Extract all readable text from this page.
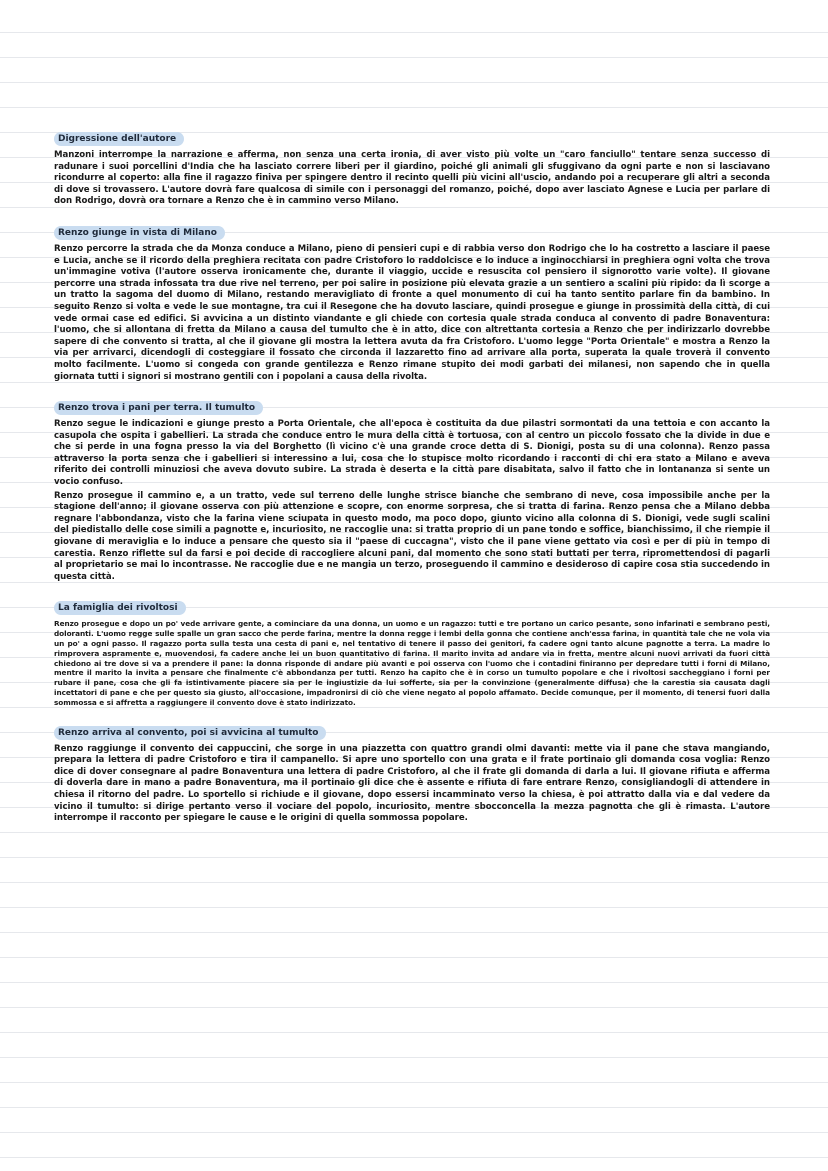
Digressione dell'autore

Manzoni interrompe la narrazione e afferma, non senza una certa ironia, di aver visto più volte un "caro fanciullo" tentare senza successo di radunare i suoi porcellini d'India che ha lasciato correre liberi per il giardino, poiché gli animali gli sfuggivano da ogni parte e non si lasciavano ricondurre al coperto: alla fine il ragazzo finiva per spingere dentro il recinto quelli più vicini all'uscio, andando poi a recuperare gli altri a seconda di dove si trovassero. L'autore dovrà fare qualcosa di simile con i personaggi del romanzo, poiché, dopo aver lasciato Agnese e Lucia per parlare di don Rodrigo, dovrà ora tornare a Renzo che è in cammino verso Milano.

Renzo giunge in vista di Milano

Renzo percorre la strada che da Monza conduce a Milano, pieno di pensieri cupi e di rabbia verso don Rodrigo che lo ha costretto a lasciare il paese e Lucia, anche se il ricordo della preghiera recitata con padre Cristoforo lo raddolcisce e lo induce a inginocchiarsi in preghiera ogni volta che trova un'immagine votiva (l'autore osserva ironicamente che, durante il viaggio, uccide e resuscita col pensiero il signorotto varie volte). Il giovane percorre una strada infossata tra due rive nel terreno, per poi salire in posizione più elevata grazie a un sentiero a scalini più ripido: da lì scorge a un tratto la sagoma del duomo di Milano, restando meravigliato di fronte a quel monumento di cui ha tanto sentito parlare fin da bambino. In seguito Renzo si volta e vede le sue montagne, tra cui il Resegone che ha dovuto lasciare, quindi prosegue e giunge in prossimità della città, di cui vede ormai case ed edifici. Si avvicina a un distinto viandante e gli chiede con cortesia quale strada conduca al convento di padre Bonaventura: l'uomo, che si allontana di fretta da Milano a causa del tumulto che è in atto, dice con altrettanta cortesia a Renzo che per indirizzarlo dovrebbe sapere di che convento si tratta, al che il giovane gli mostra la lettera avuta da fra Cristoforo. L'uomo legge "Porta Orientale" e mostra a Renzo la via per arrivarci, dicendogli di costeggiare il fossato che circonda il lazzaretto fino ad arrivare alla porta, superata la quale troverà il convento molto facilmente. L'uomo si congeda con grande gentilezza e Renzo rimane stupito dei modi garbati dei milanesi, non sapendo che in quella giornata tutti i signori si mostrano gentili con i popolani a causa della rivolta.

Renzo trova i pani per terra. Il tumulto

Renzo segue le indicazioni e giunge presto a Porta Orientale, che all'epoca è costituita da due pilastri sormontati da una tettoia e con accanto la casupola che ospita i gabellieri. La strada che conduce entro le mura della città è tortuosa, con al centro un piccolo fossato che la divide in due e che si perde in una fogna presso la via del Borghetto (lì vicino c'è una grande croce detta di S. Dionigi, posta su di una colonna). Renzo passa attraverso la porta senza che i gabellieri si interessino a lui, cosa che lo stupisce molto ricordando i racconti di chi era stato a Milano e aveva riferito dei controlli minuziosi che aveva dovuto subire. La strada è deserta e la città pare disabitata, salvo il fatto che in lontananza si sente un vocio confuso.

Renzo prosegue il cammino e, a un tratto, vede sul terreno delle lunghe strisce bianche che sembrano di neve, cosa impossibile anche per la stagione dell'anno; il giovane osserva con più attenzione e scopre, con enorme sorpresa, che si tratta di farina. Renzo pensa che a Milano debba regnare l'abbondanza, visto che la farina viene sciupata in questo modo, ma poco dopo, giunto vicino alla colonna di S. Dionigi, vede sugli scalini del piedistallo delle cose simili a pagnotte e, incuriosito, ne raccoglie una: si tratta proprio di un pane tondo e soffice, bianchissimo, il che riempie il giovane di meraviglia e lo induce a pensare che questo sia il "paese di cuccagna", visto che il pane viene gettato via così e per di più in tempo di carestia. Renzo riflette sul da farsi e poi decide di raccogliere alcuni pani, dal momento che sono stati buttati per terra, ripromettendosi di pagarli al proprietario se mai lo incontrasse. Ne raccoglie due e ne mangia un terzo, proseguendo il cammino e desideroso di capire cosa stia succedendo in questa città.

La famiglia dei rivoltosi

Renzo prosegue e dopo un po' vede arrivare gente, a cominciare da una donna, un uomo e un ragazzo: tutti e tre portano un carico pesante, sono infarinati e sembrano pesti, doloranti. L'uomo regge sulle spalle un gran sacco che perde farina, mentre la donna regge i lembi della gonna che contiene anch'essa farina, in quantità tale che ne vola via un po' a ogni passo. Il ragazzo porta sulla testa una cesta di pani e, nel tentativo di tenere il passo dei genitori, fa cadere ogni tanto alcune pagnotte a terra. La madre lo rimprovera aspramente e, muovendosi, fa cadere anche lei un buon quantitativo di farina. Il marito invita ad andare via in fretta, mentre alcuni nuovi arrivati da fuori città chiedono ai tre dove si va a prendere il pane: la donna risponde di andare più avanti e poi osserva con l'uomo che i contadini finiranno per depredare tutti i forni di Milano, mentre il marito la invita a pensare che finalmente c'è abbondanza per tutti. Renzo ha capito che è in corso un tumulto popolare e che i rivoltosi saccheggiano i forni per rubare il pane, cosa che gli fa istintivamente piacere sia per le ingiustizie da lui sofferte, sia per la convinzione (generalmente diffusa) che la carestia sia causata dagli incettatori di pane e che per questo sia giusto, all'occasione, impadronirsi di ciò che viene negato al popolo affamato. Decide comunque, per il momento, di tenersi fuori dalla sommossa e si affretta a raggiungere il convento dove è stato indirizzato.

Renzo arriva al convento, poi si avvicina al tumulto

Renzo raggiunge il convento dei cappuccini, che sorge in una piazzetta con quattro grandi olmi davanti: mette via il pane che stava mangiando, prepara la lettera di padre Cristoforo e tira il campanello. Si apre uno sportello con una grata e il frate portinaio gli domanda cosa voglia: Renzo dice di dover consegnare al padre Bonaventura una lettera di padre Cristoforo, al che il frate gli domanda di darla a lui. Il giovane rifiuta e afferma di doverla dare in mano a padre Bonaventura, ma il portinaio gli dice che è assente e rifiuta di fare entrare Renzo, consigliandogli di attendere in chiesa il ritorno del padre. Lo sportello si richiude e il giovane, dopo essersi incamminato verso la chiesa, è poi attratto dalla via e dal vedere da vicino il tumulto: si dirige pertanto verso il vociare del popolo, incuriosito, mentre sbocconcella la mezza pagnotta che gli è rimasta. L'autore interrompe il racconto per spiegare le cause e le origini di quella sommossa popolare.
